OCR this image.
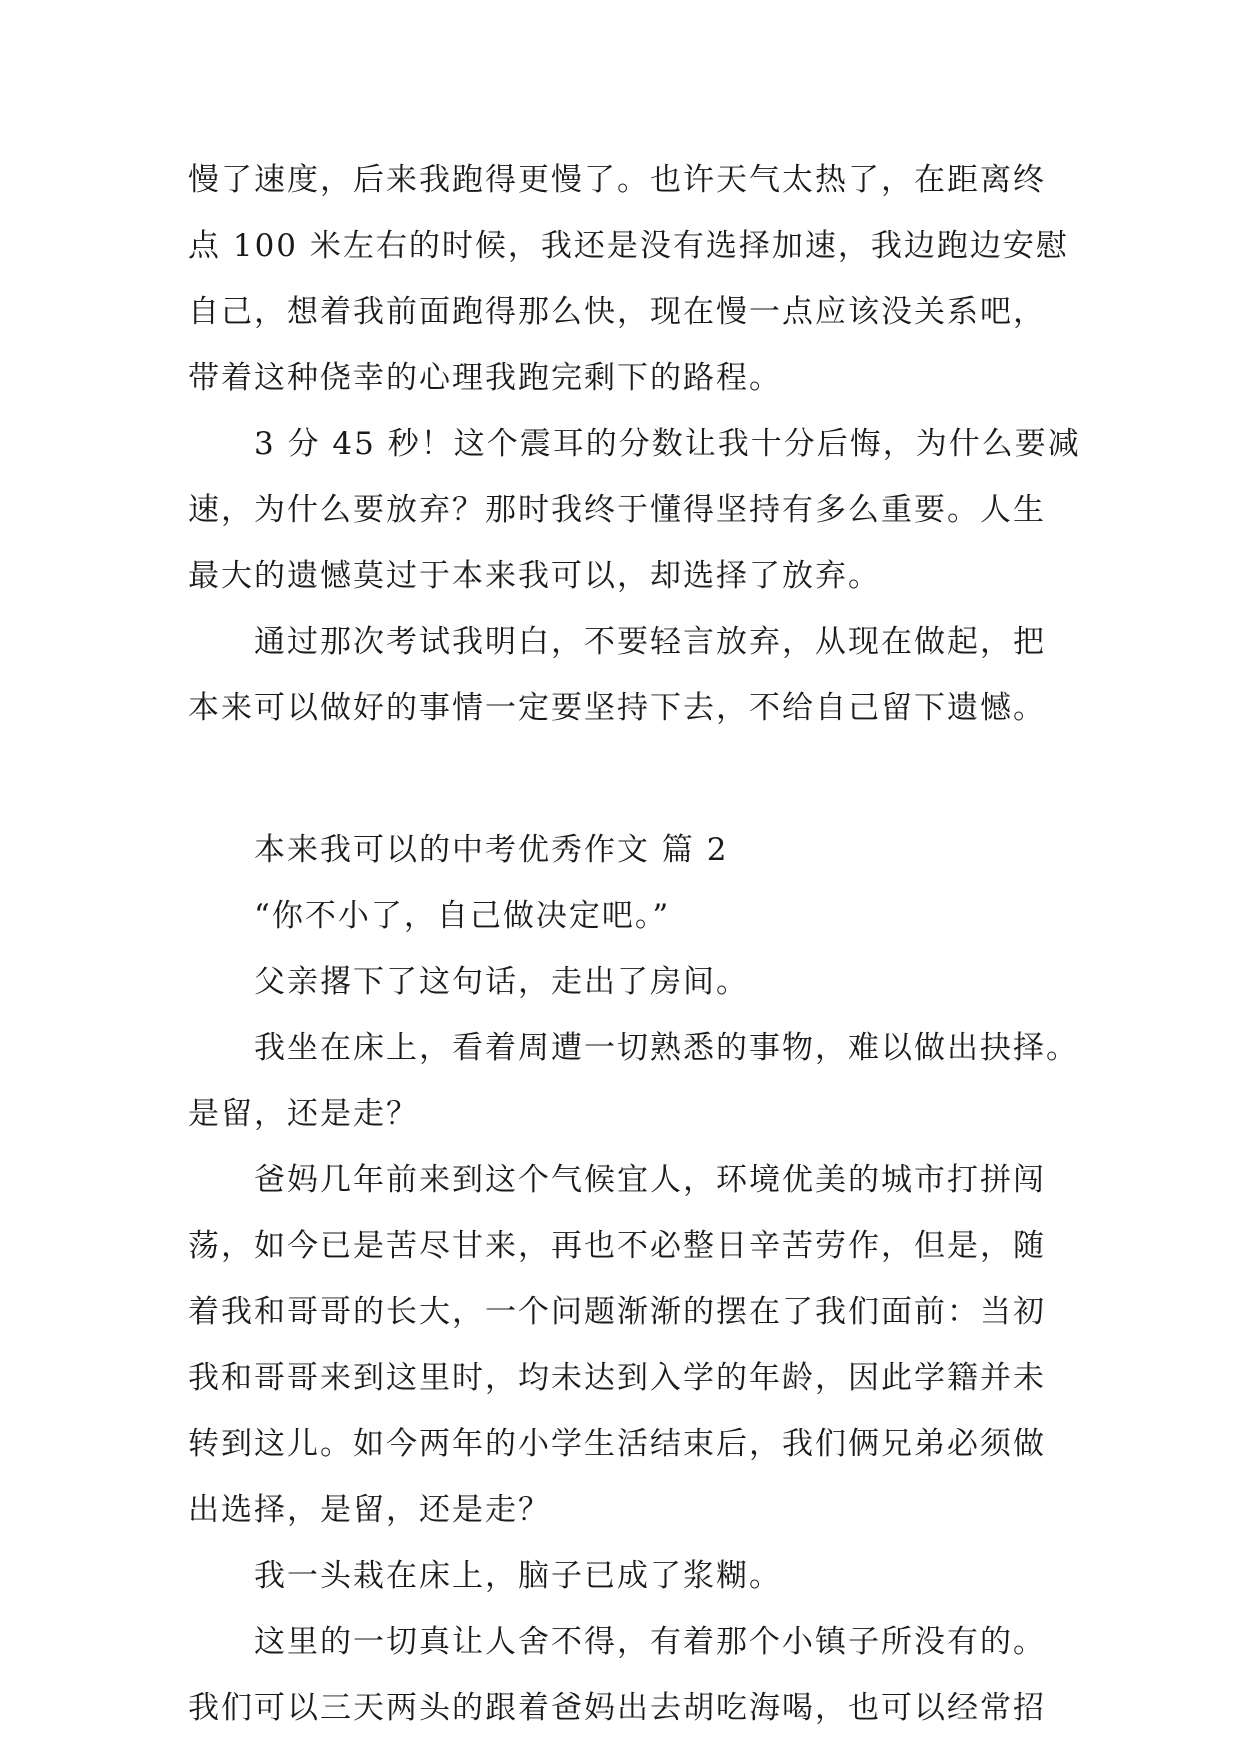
慢了速度，后来我跑得更慢了。也许天气太热了，在距离终
点 100 米左右的时候，我还是没有选择加速，我边跑边安慰
自己，想着我前面跑得那么快，现在慢一点应该没关系吧，
带着这种侥幸的心理我跑完剩下的路程。
3 分 45 秒！这个震耳的分数让我十分后悔，为什么要减
速，为什么要放弃？那时我终于懂得坚持有多么重要。人生
最大的遗憾莫过于本来我可以，却选择了放弃。
通过那次考试我明白，不要轻言放弃，从现在做起，把
本来可以做好的事情一定要坚持下去，不给自己留下遗憾。
本来我可以的中考优秀作文 篇 2
“你不小了，自己做决定吧。”
父亲撂下了这句话，走出了房间。
我坐在床上，看着周遭一切熟悉的事物，难以做出抉择。
是留，还是走？
爸妈几年前来到这个气候宜人，环境优美的城市打拼闯
荡，如今已是苦尽甘来，再也不必整日辛苦劳作，但是，随
着我和哥哥的长大，一个问题渐渐的摆在了我们面前：当初
我和哥哥来到这里时，均未达到入学的年龄，因此学籍并未
转到这儿。如今两年的小学生活结束后，我们俩兄弟必须做
出选择，是留，还是走？
我一头栽在床上，脑子已成了浆糊。
这里的一切真让人舍不得，有着那个小镇子所没有的。
我们可以三天两头的跟着爸妈出去胡吃海喝，也可以经常招
